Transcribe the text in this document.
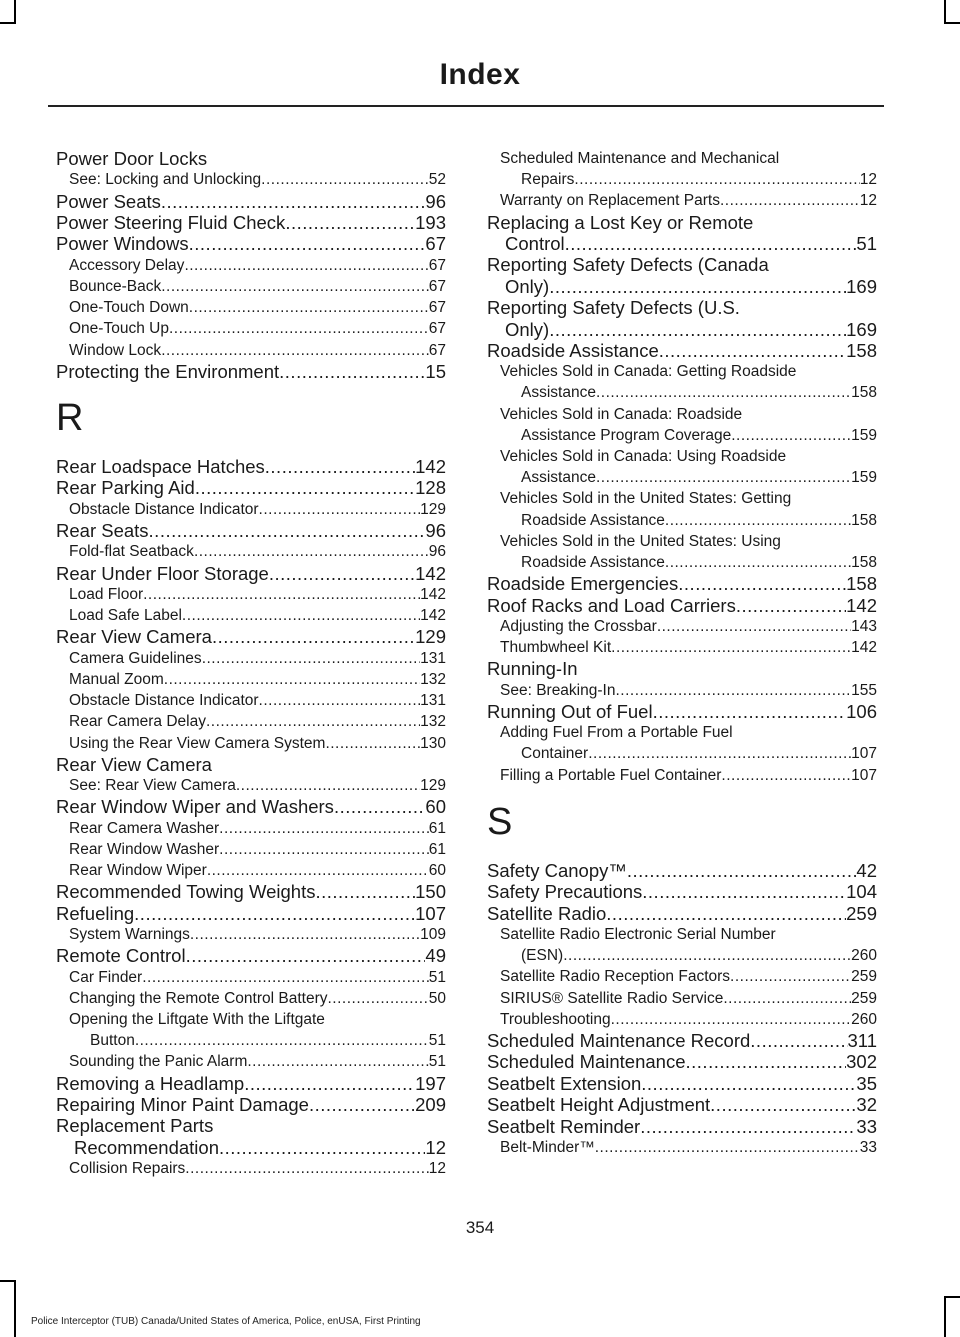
Index
Power Door Locks
See: Locking and Unlocking .....	52
Power Seats .....	96
Power Steering Fluid Check .....	193
Power Windows .....	67
Accessory Delay .....	67
Bounce-Back .....	67
One-Touch Down .....	67
One-Touch Up .....	67
Window Lock .....	67
Protecting the Environment .....	15
R
Rear Loadspace Hatches .....	142
Rear Parking Aid .....	128
Obstacle Distance Indicator .....	129
Rear Seats .....	96
Fold-flat Seatback .....	96
Rear Under Floor Storage .....	142
Load Floor .....	142
Load Safe Label .....	142
Rear View Camera .....	129
Camera Guidelines .....	131
Manual Zoom .....	132
Obstacle Distance Indicator .....	131
Rear Camera Delay .....	132
Using the Rear View Camera System .....	130
Rear View Camera
See: Rear View Camera .....	129
Rear Window Wiper and Washers .....	60
Rear Camera Washer .....	61
Rear Window Washer .....	61
Rear Window Wiper .....	60
Recommended Towing Weights .....	150
Refueling .....	107
System Warnings .....	109
Remote Control .....	49
Car Finder .....	51
Changing the Remote Control Battery .....	50
Opening the Liftgate With the Liftgate
Button .....	51
Sounding the Panic Alarm .....	51
Removing a Headlamp .....	197
Repairing Minor Paint Damage .....	209
Replacement Parts
Recommendation .....	12
Collision Repairs .....	12
Scheduled Maintenance and Mechanical
Repairs .....	12
Warranty on Replacement Parts .....	12
Replacing a Lost Key or Remote
Control .....	51
Reporting Safety Defects (Canada
Only) .....	169
Reporting Safety Defects (U.S.
Only) .....	169
Roadside Assistance .....	158
Vehicles Sold in Canada: Getting Roadside
Assistance .....	158
Vehicles Sold in Canada: Roadside
Assistance Program Coverage .....	159
Vehicles Sold in Canada: Using Roadside
Assistance .....	159
Vehicles Sold in the United States: Getting
Roadside Assistance .....	158
Vehicles Sold in the United States: Using
Roadside Assistance .....	158
Roadside Emergencies .....	158
Roof Racks and Load Carriers .....	142
Adjusting the Crossbar .....	143
Thumbwheel Kit .....	142
Running-In
See: Breaking-In .....	155
Running Out of Fuel .....	106
Adding Fuel From a Portable Fuel
Container .....	107
Filling a Portable Fuel Container .....	107
S
Safety Canopy™ .....	42
Safety Precautions .....	104
Satellite Radio .....	259
Satellite Radio Electronic Serial Number
(ESN) .....	260
Satellite Radio Reception Factors .....	259
SIRIUS® Satellite Radio Service .....	259
Troubleshooting .....	260
Scheduled Maintenance Record .....	311
Scheduled Maintenance .....	302
Seatbelt Extension .....	35
Seatbelt Height Adjustment .....	32
Seatbelt Reminder .....	33
Belt-Minder™ .....	33
354
Police Interceptor (TUB) Canada/United States of America, Police, enUSA, First Printing
